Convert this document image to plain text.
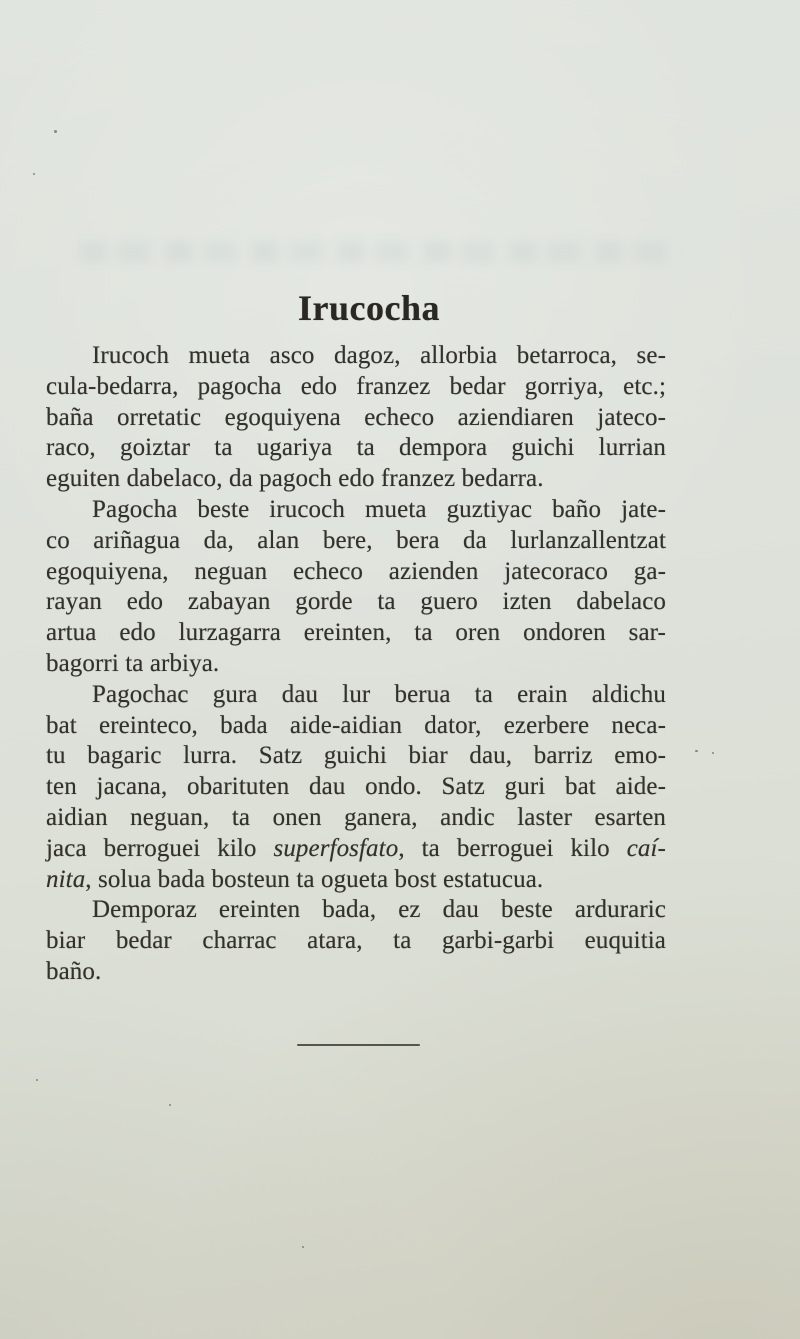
Irucocha
Irucoch mueta asco dagoz, allorbia betarroca, se-
cula-bedarra, pagocha edo franzez bedar gorriya, etc.;
baña orretatic egoquiyena echeco aziendiaren jateco-
raco, goiztar ta ugariya ta dempora guichi lurrian
eguiten dabelaco, da pagoch edo franzez bedarra.
Pagocha beste irucoch mueta guztiyac baño jate-
co ariñagua da, alan bere, bera da lurlanzallentzat
egoquiyena, neguan echeco azienden jatecoraco ga-
rayan edo zabayan gorde ta guero izten dabelaco
artua edo lurzagarra ereinten, ta oren ondoren sar-
bagorri ta arbiya.
Pagochac gura dau lur berua ta erain aldichu
bat ereinteco, bada aide-aidian dator, ezerbere neca-
tu bagaric lurra. Satz guichi biar dau, barriz emo-
ten jacana, obarituten dau ondo. Satz guri bat aide-
aidian neguan, ta onen ganera, andic laster esarten
jaca berroguei kilo superfosfato, ta berroguei kilo caí-
nita, solua bada bosteun ta ogueta bost estatucua.
Demporaz ereinten bada, ez dau beste arduraric
biar bedar charrac atara, ta garbi-garbi euquitia
baño.
